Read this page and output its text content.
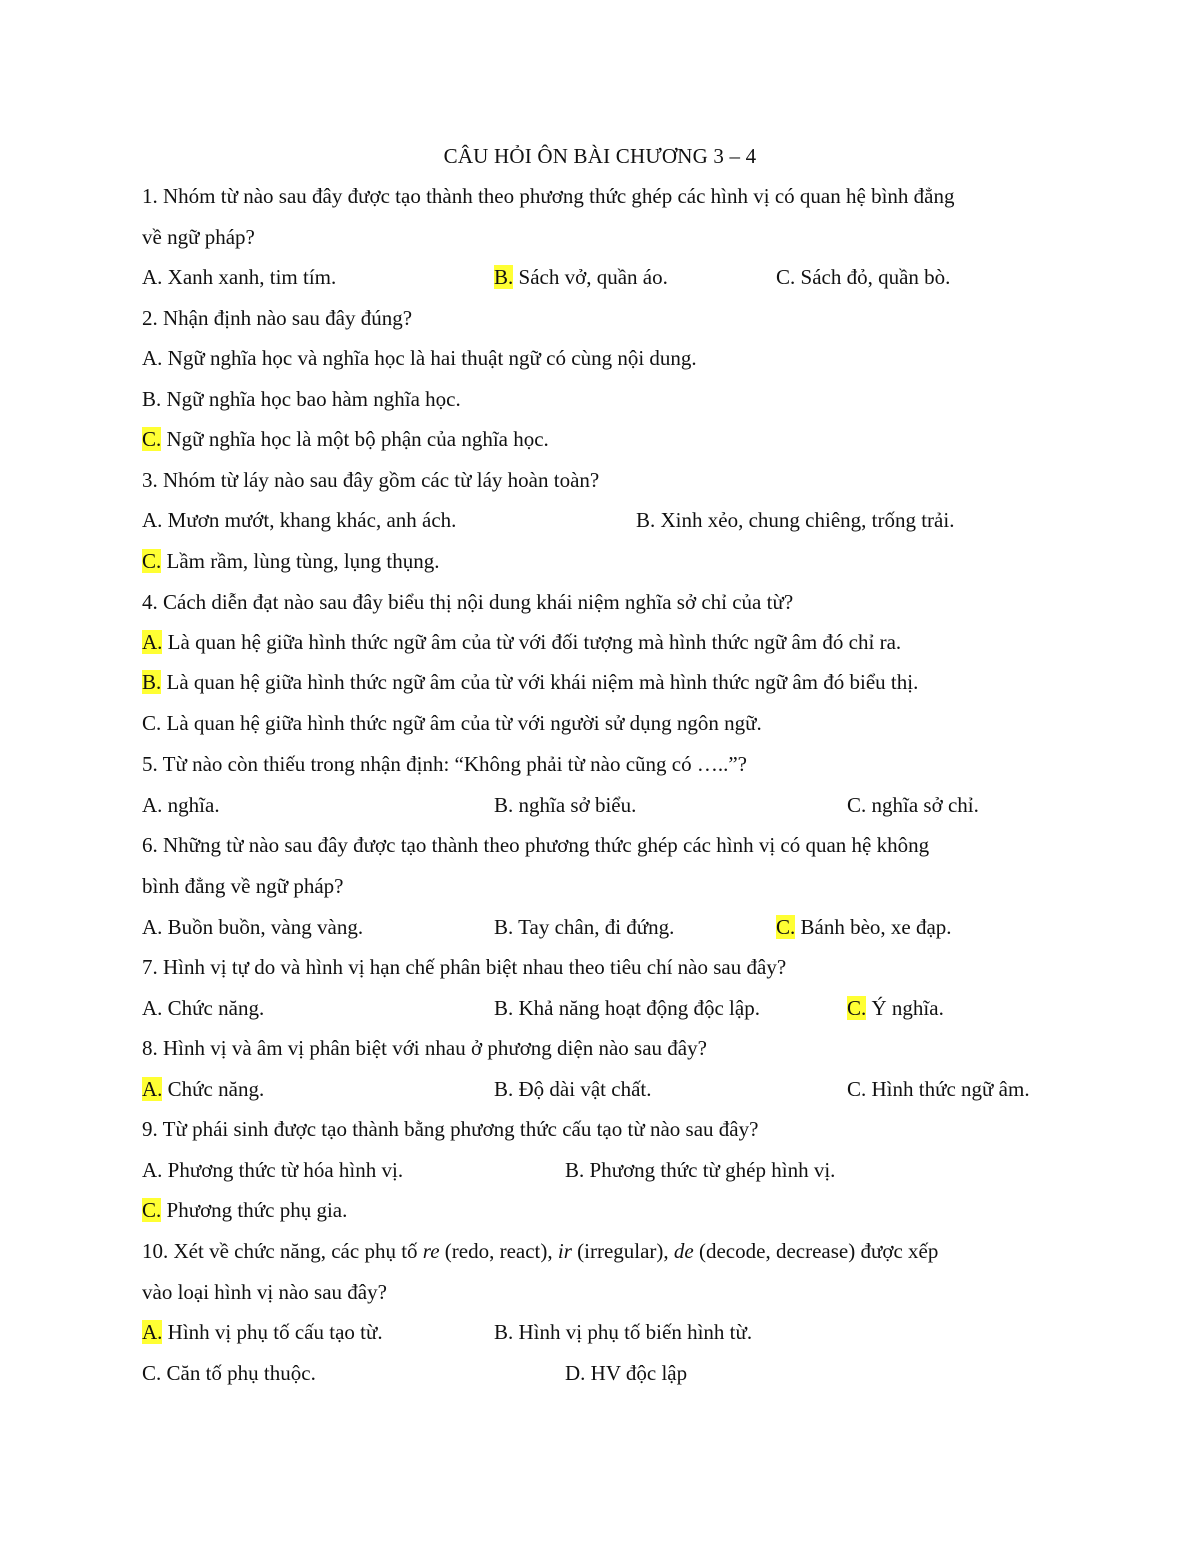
CÂU HỎI ÔN BÀI CHƯƠNG 3 – 4
1. Nhóm từ nào sau đây được tạo thành theo phương thức ghép các hình vị có quan hệ bình đẳng
về ngữ pháp?
A. Xanh xanh, tim tím.	B. Sách vở, quần áo.	C. Sách đỏ, quần bò.
2. Nhận định nào sau đây đúng?
A. Ngữ nghĩa học và nghĩa học là hai thuật ngữ có cùng nội dung.
B. Ngữ nghĩa học bao hàm nghĩa học.
C. Ngữ nghĩa học là một bộ phận của nghĩa học.
3. Nhóm từ láy nào sau đây gồm các từ láy hoàn toàn?
A. Mươn mướt, khang khác, anh ách.	B. Xinh xẻo, chung chiêng, trống trải.
C. Lầm rầm, lùng tùng, lụng thụng.
4. Cách diễn đạt nào sau đây biểu thị nội dung khái niệm nghĩa sở chỉ của từ?
A. Là quan hệ giữa hình thức ngữ âm của từ với đối tượng mà hình thức ngữ âm đó chỉ ra.
B. Là quan hệ giữa hình thức ngữ âm của từ với khái niệm mà hình thức ngữ âm đó biểu thị.
C. Là quan hệ giữa hình thức ngữ âm của từ với người sử dụng ngôn ngữ.
5. Từ nào còn thiếu trong nhận định: “Không phải từ nào cũng có …..”?
A. nghĩa.	B. nghĩa sở biểu.	C. nghĩa sở chỉ.
6. Những từ nào sau đây được tạo thành theo phương thức ghép các hình vị có quan hệ không
bình đẳng về ngữ pháp?
A. Buồn buồn, vàng vàng.	B. Tay chân, đi đứng.	C. Bánh bèo, xe đạp.
7. Hình vị tự do và hình vị hạn chế phân biệt nhau theo tiêu chí nào sau đây?
A. Chức năng.	B. Khả năng hoạt động độc lập.	C. Ý nghĩa.
8. Hình vị và âm vị phân biệt với nhau ở phương diện nào sau đây?
A. Chức năng.	B. Độ dài vật chất.	C. Hình thức ngữ âm.
9. Từ phái sinh được tạo thành bằng phương thức cấu tạo từ nào sau đây?
A. Phương thức từ hóa hình vị.	B. Phương thức từ ghép hình vị.
C. Phương thức phụ gia.
10. Xét về chức năng, các phụ tố re (redo, react), ir (irregular), de (decode, decrease) được xếp
vào loại hình vị nào sau đây?
A. Hình vị phụ tố cấu tạo từ.	B. Hình vị phụ tố biến hình từ.
C. Căn tố phụ thuộc.	D. HV độc lập
